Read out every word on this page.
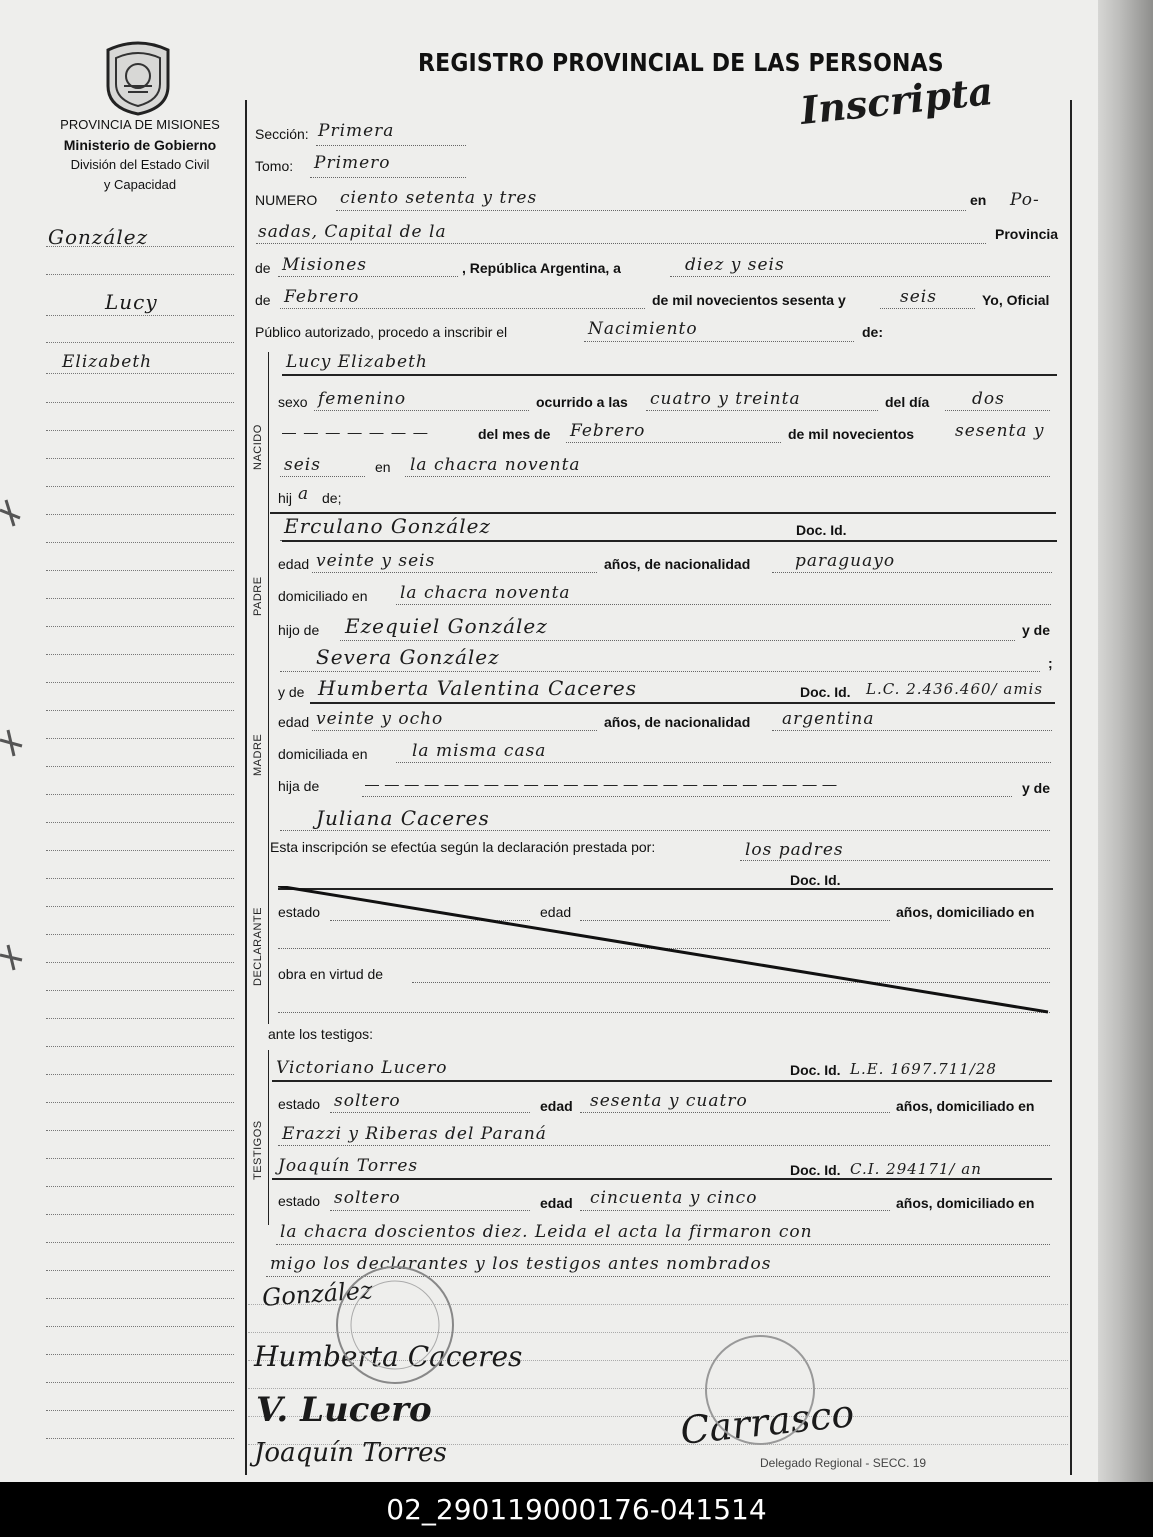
REGISTRO PROVINCIAL DE LAS PERSONAS
PROVINCIA DE MISIONES
Ministerio de Gobierno
División del Estado Civil
y Capacidad
Inscripta
González
Lucy
Elizabeth
Sección: Primera
Tomo: Primero
NUMERO ciento setenta y tres	en Po-
sadas, Capital de la	Provincia
de Misiones	, República Argentina, a	diez y seis
de Febrero	de mil novecientos sesenta y	seis	Yo, Oficial
Público autorizado, procedo a inscribir el	Nacimiento	de:
NACIDO
Lucy Elizabeth
sexo femenino	ocurrido a las cuatro y treinta	del día	dos
— — — — — — —	del mes de Febrero	de mil novecientos sesenta y
seis	en la chacra noventa
hij a de;
PADRE
Erculano González	Doc. Id.
edad veinte y seis	años, de nacionalidad	paraguayo
domiciliado en la chacra noventa
hijo de Ezequiel González	y de
Severa González	;
MADRE
y de Humberta Valentina Caceres	Doc. Id. L.C. 2.436.460/ amis
edad veinte y ocho	años, de nacionalidad argentina
domiciliada en	la misma casa
hija de	— — — — — — — — — — — — — — — — — — — — — — — —	y de
Juliana Caceres
Esta inscripción se efectúa según la declaración prestada por:	los padres
DECLARANTE
Doc. Id.
estado	edad	años, domiciliado en
obra en virtud de
ante los testigos:
TESTIGOS
Victoriano Lucero	Doc. Id. L.E. 1697.711/28
estado soltero	edad sesenta y cuatro	años, domiciliado en
Erazzi y Riberas del Paraná
Joaquín Torres	Doc. Id. C.I. 294171/ an
estado soltero	edad cincuenta y cinco	años, domiciliado en
la chacra doscientos diez. Leida el acta la firmaron con
migo los declarantes y los testigos antes nombrados
González
Humberta Caceres
V. Lucero
Joaquín Torres
Carrasco
Delegado Regional - SECC. 19
02_290119000176-041514
